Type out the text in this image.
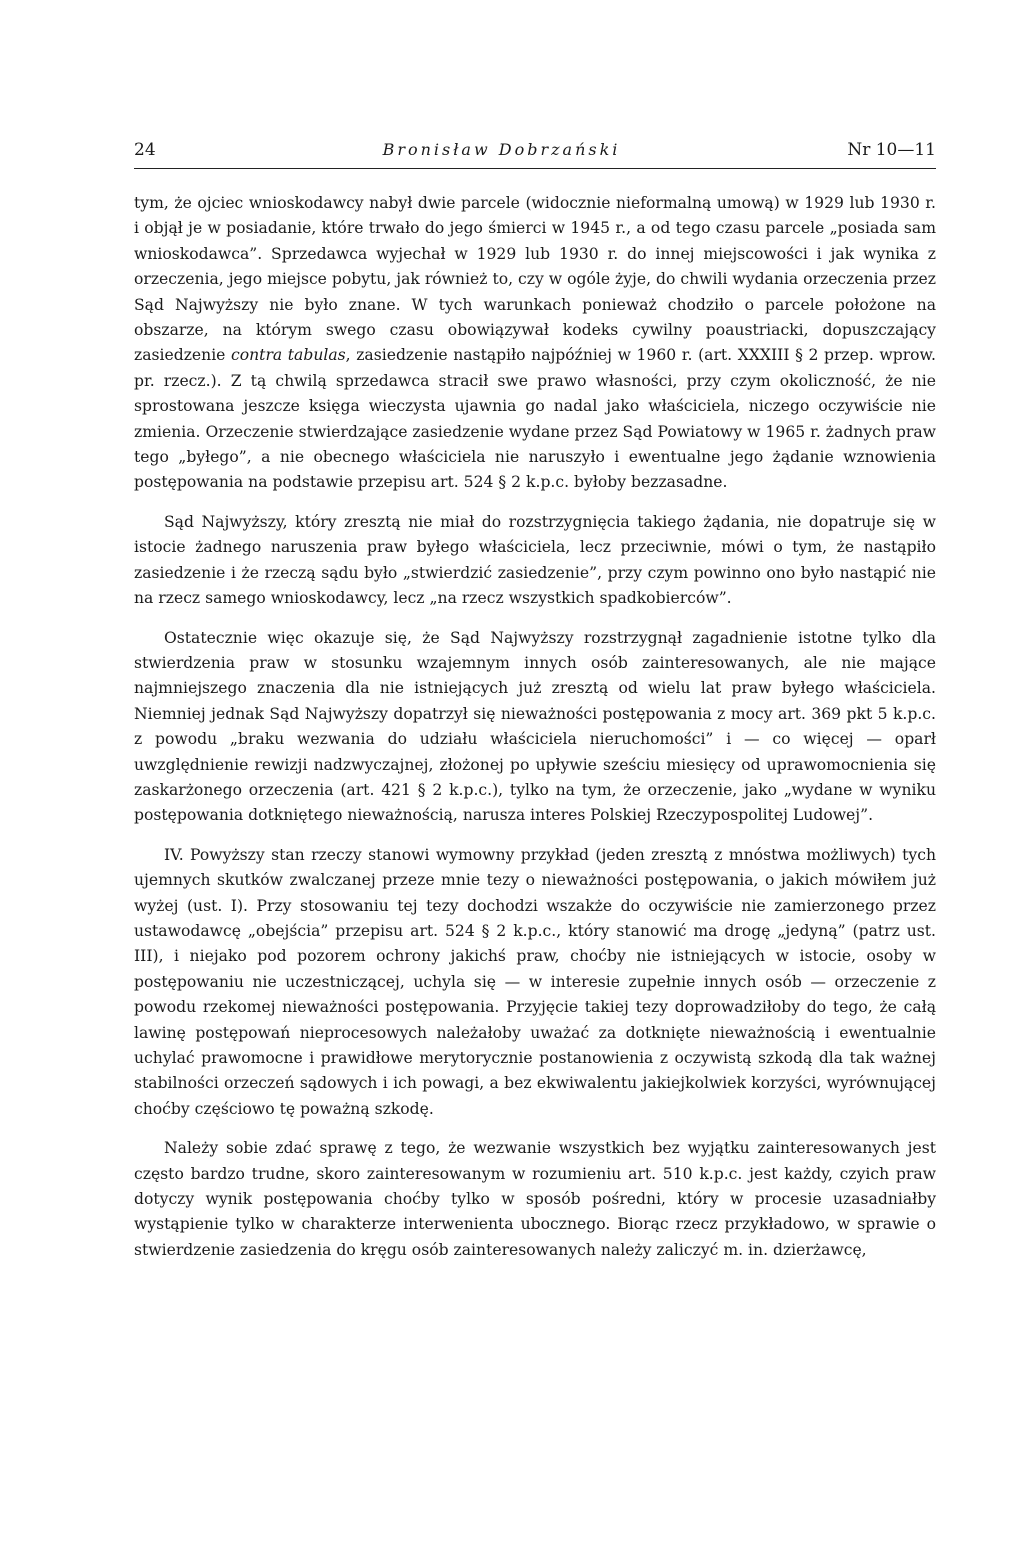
24	Bronisław Dobrzański	Nr 10—11

tym, że ojciec wnioskodawcy nabył dwie parcele (widocznie nieformalną umową) w 1929 lub 1930 r. i objął je w posiadanie, które trwało do jego śmierci w 1945 r., a od tego czasu parcele „posiada sam wnioskodawca”. Sprzedawca wyjechał w 1929 lub 1930 r. do innej miejscowości i jak wynika z orzeczenia, jego miejsce pobytu, jak również to, czy w ogóle żyje, do chwili wydania orzeczenia przez Sąd Najwyższy nie było znane. W tych warunkach ponieważ chodziło o parcele położone na obszarze, na którym swego czasu obowiązywał kodeks cywilny poaustriacki, dopuszczający zasiedzenie contra tabulas, zasiedzenie nastąpiło najpóźniej w 1960 r. (art. XXXIII § 2 przep. wprow. pr. rzecz.). Z tą chwilą sprzedawca stracił swe prawo własności, przy czym okoliczność, że nie sprostowana jeszcze księga wieczysta ujawnia go nadal jako właściciela, niczego oczywiście nie zmienia. Orzeczenie stwierdzające zasiedzenie wydane przez Sąd Powiatowy w 1965 r. żadnych praw tego „byłego”, a nie obecnego właściciela nie naruszyło i ewentualne jego żądanie wznowienia postępowania na podstawie przepisu art. 524 § 2 k.p.c. byłoby bezzasadne.

Sąd Najwyższy, który zresztą nie miał do rozstrzygnięcia takiego żądania, nie dopatruje się w istocie żadnego naruszenia praw byłego właściciela, lecz przeciwnie, mówi o tym, że nastąpiło zasiedzenie i że rzeczą sądu było „stwierdzić zasiedzenie”, przy czym powinno ono było nastąpić nie na rzecz samego wnioskodawcy, lecz „na rzecz wszystkich spadkobierców”.

Ostatecznie więc okazuje się, że Sąd Najwyższy rozstrzygnął zagadnienie istotne tylko dla stwierdzenia praw w stosunku wzajemnym innych osób zainteresowanych, ale nie mające najmniejszego znaczenia dla nie istniejących już zresztą od wielu lat praw byłego właściciela. Niemniej jednak Sąd Najwyższy dopatrzył się nieważności postępowania z mocy art. 369 pkt 5 k.p.c. z powodu „braku wezwania do udziału właściciela nieruchomości” i — co więcej — oparł uwzględnienie rewizji nadzwyczajnej, złożonej po upływie sześciu miesięcy od uprawomocnienia się zaskarżonego orzeczenia (art. 421 § 2 k.p.c.), tylko na tym, że orzeczenie, jako „wydane w wyniku postępowania dotkniętego nieważnością, narusza interes Polskiej Rzeczypospolitej Ludowej”.

IV. Powyższy stan rzeczy stanowi wymowny przykład (jeden zresztą z mnóstwa możliwych) tych ujemnych skutków zwalczanej przeze mnie tezy o nieważności postępowania, o jakich mówiłem już wyżej (ust. I). Przy stosowaniu tej tezy dochodzi wszakże do oczywiście nie zamierzonego przez ustawodawcę „obejścia” przepisu art. 524 § 2 k.p.c., który stanowić ma drogę „jedyną” (patrz ust. III), i niejako pod pozorem ochrony jakichś praw, choćby nie istniejących w istocie, osoby w postępowaniu nie uczestniczącej, uchyla się — w interesie zupełnie innych osób — orzeczenie z powodu rzekomej nieważności postępowania. Przyjęcie takiej tezy doprowadziłoby do tego, że całą lawinę postępowań nieprocesowych należałoby uważać za dotknięte nieważnością i ewentualnie uchylać prawomocne i prawidłowe merytorycznie postanowienia z oczywistą szkodą dla tak ważnej stabilności orzeczeń sądowych i ich powagi, a bez ekwiwalentu jakiejkolwiek korzyści, wyrównującej choćby częściowo tę poważną szkodę.

Należy sobie zdać sprawę z tego, że wezwanie wszystkich bez wyjątku zainteresowanych jest często bardzo trudne, skoro zainteresowanym w rozumieniu art. 510 k.p.c. jest każdy, czyich praw dotyczy wynik postępowania choćby tylko w sposób pośredni, który w procesie uzasadniałby wystąpienie tylko w charakterze interwenienta ubocznego. Biorąc rzecz przykładowo, w sprawie o stwierdzenie zasiedzenia do kręgu osób zainteresowanych należy zaliczyć m. in. dzierżawcę,
